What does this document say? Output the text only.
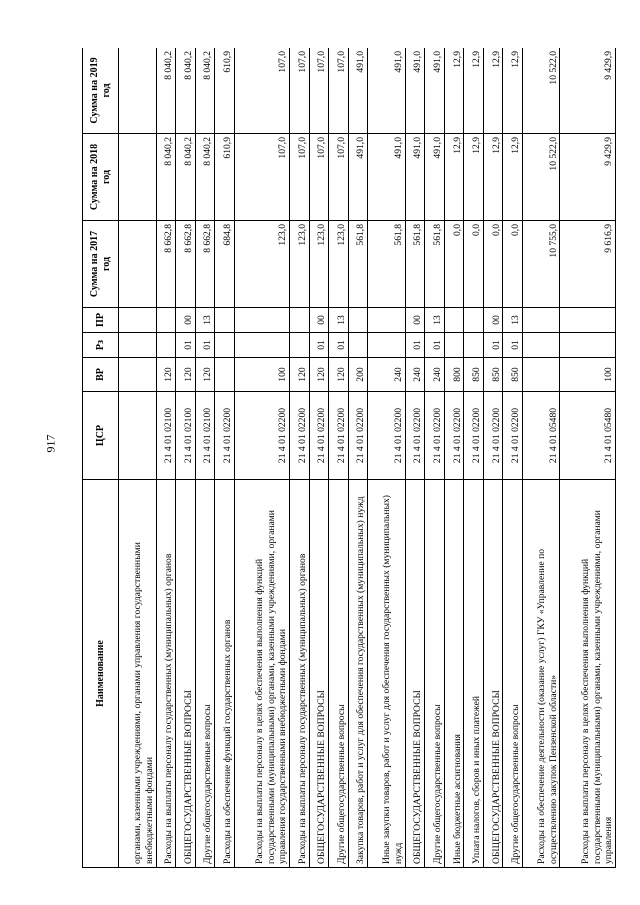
917
Наименование	ЦСР	ВР	Рз	ПР	Сумма на 2017 год	Сумма на 2018 год	Сумма на 2019 год
органами, казенными учреждениями, органами управления государственными внебюджетными фондами							
Расходы на выплаты персоналу государственных (муниципальных) органов	21 4 01 02100	120			8 662,8	8 040,2	8 040,2
ОБЩЕГОСУДАРСТВЕННЫЕ ВОПРОСЫ	21 4 01 02100	120	01	00	8 662,8	8 040,2	8 040,2
Другие общегосударственные вопросы	21 4 01 02100	120	01	13	8 662,8	8 040,2	8 040,2
Расходы на обеспечение функций государственных органов	21 4 01 02200				684,8	610,9	610,9
Расходы на выплаты персоналу в целях обеспечения выполнения функций государственными (муниципальными) органами, казенными учреждениями, органами управления государственными внебюджетными фондами	21 4 01 02200	100			123,0	107,0	107,0
Расходы на выплаты персоналу государственных (муниципальных) органов	21 4 01 02200	120			123,0	107,0	107,0
ОБЩЕГОСУДАРСТВЕННЫЕ ВОПРОСЫ	21 4 01 02200	120	01	00	123,0	107,0	107,0
Другие общегосударственные вопросы	21 4 01 02200	120	01	13	123,0	107,0	107,0
Закупка товаров, работ и услуг для обеспечения государственных (муниципальных) нужд	21 4 01 02200	200			561,8	491,0	491,0
Иные закупки товаров, работ и услуг для обеспечения государственных (муниципальных) нужд	21 4 01 02200	240			561,8	491,0	491,0
ОБЩЕГОСУДАРСТВЕННЫЕ ВОПРОСЫ	21 4 01 02200	240	01	00	561,8	491,0	491,0
Другие общегосударственные вопросы	21 4 01 02200	240	01	13	561,8	491,0	491,0
Иные бюджетные ассигнования	21 4 01 02200	800			0,0	12,9	12,9
Уплата налогов, сборов и иных платежей	21 4 01 02200	850			0,0	12,9	12,9
ОБЩЕГОСУДАРСТВЕННЫЕ ВОПРОСЫ	21 4 01 02200	850	01	00	0,0	12,9	12,9
Другие общегосударственные вопросы	21 4 01 02200	850	01	13	0,0	12,9	12,9
Расходы на обеспечение деятельности (оказание услуг) ГКУ «Управление по осуществлению закупок Пензенской области»	21 4 01 05480				10 755,0	10 522,0	10 522,0
Расходы на выплаты персоналу в целях обеспечения выполнения функций государственными (муниципальными) органами, казенными учреждениями, органами управления	21 4 01 05480	100			9 616,9	9 429,9	9 429,9
